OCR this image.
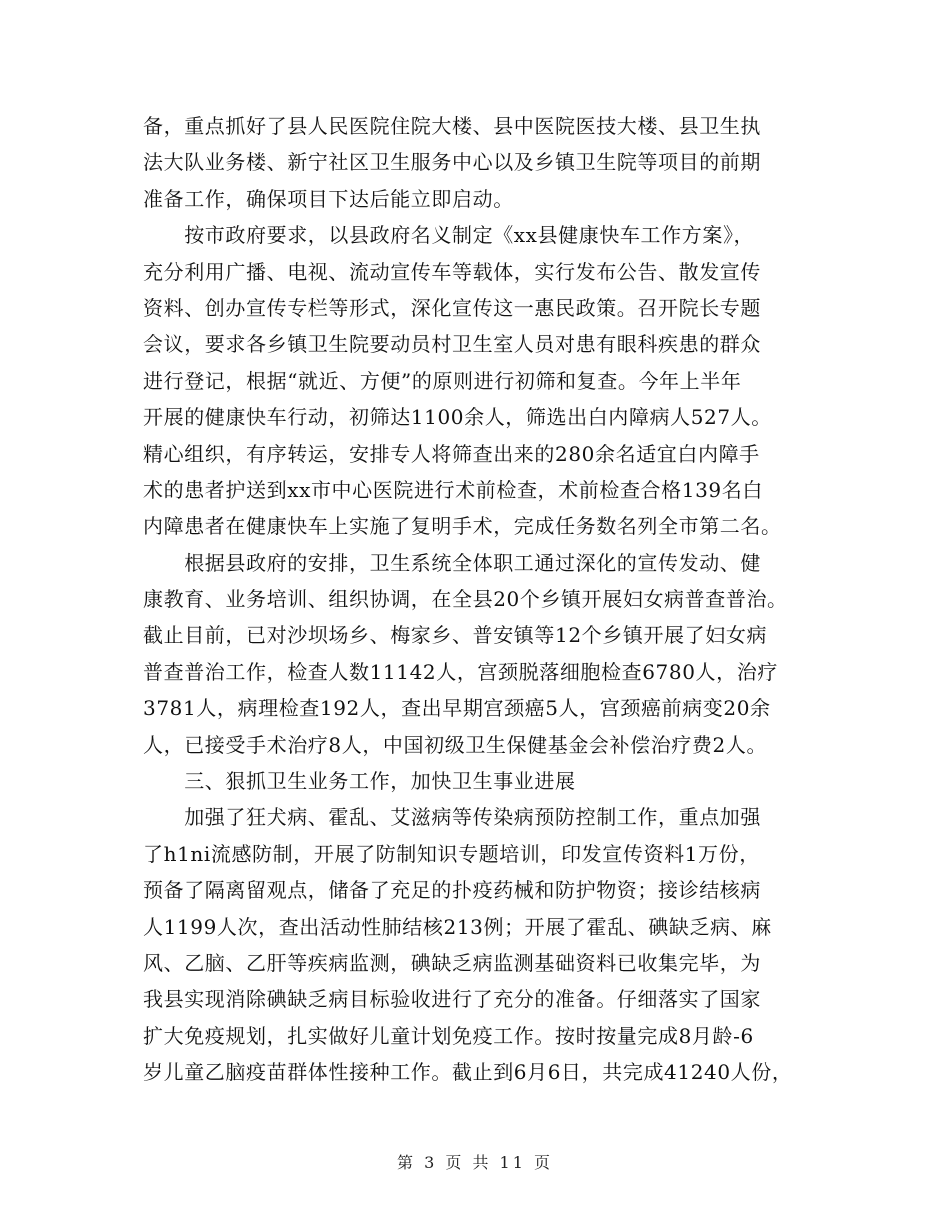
备，重点抓好了县人民医院住院大楼、县中医院医技大楼、县卫生执
法大队业务楼、新宁社区卫生服务中心以及乡镇卫生院等项目的前期
准备工作，确保项目下达后能立即启动。
　　按市政府要求，以县政府名义制定《xx县健康快车工作方案》，
充分利用广播、电视、流动宣传车等载体，实行发布公告、散发宣传
资料、创办宣传专栏等形式，深化宣传这一惠民政策。召开院长专题
会议，要求各乡镇卫生院要动员村卫生室人员对患有眼科疾患的群众
进行登记，根据“就近、方便”的原则进行初筛和复查。今年上半年
开展的健康快车行动，初筛达1100余人，筛选出白内障病人527人。
精心组织，有序转运，安排专人将筛查出来的280余名适宜白内障手
术的患者护送到xx市中心医院进行术前检查，术前检查合格139名白
内障患者在健康快车上实施了复明手术，完成任务数名列全市第二名。
　　根据县政府的安排，卫生系统全体职工通过深化的宣传发动、健
康教育、业务培训、组织协调，在全县20个乡镇开展妇女病普查普治。
截止目前，已对沙坝场乡、梅家乡、普安镇等12个乡镇开展了妇女病
普查普治工作，检查人数11142人，宫颈脱落细胞检查6780人，治疗
3781人，病理检查192人，查出早期宫颈癌5人，宫颈癌前病变20余
人，已接受手术治疗8人，中国初级卫生保健基金会补偿治疗费2人。
　　三、狠抓卫生业务工作，加快卫生事业进展
　　加强了狂犬病、霍乱、艾滋病等传染病预防控制工作，重点加强
了h1ni流感防制，开展了防制知识专题培训，印发宣传资料1万份，
预备了隔离留观点，储备了充足的扑疫药械和防护物资；接诊结核病
人1199人次，查出活动性肺结核213例；开展了霍乱、碘缺乏病、麻
风、乙脑、乙肝等疾病监测，碘缺乏病监测基础资料已收集完毕，为
我县实现消除碘缺乏病目标验收进行了充分的准备。仔细落实了国家
扩大免疫规划，扎实做好儿童计划免疫工作。按时按量完成8月龄-6
岁儿童乙脑疫苗群体性接种工作。截止到6月6日，共完成41240人份，
第 3 页 共 11 页
